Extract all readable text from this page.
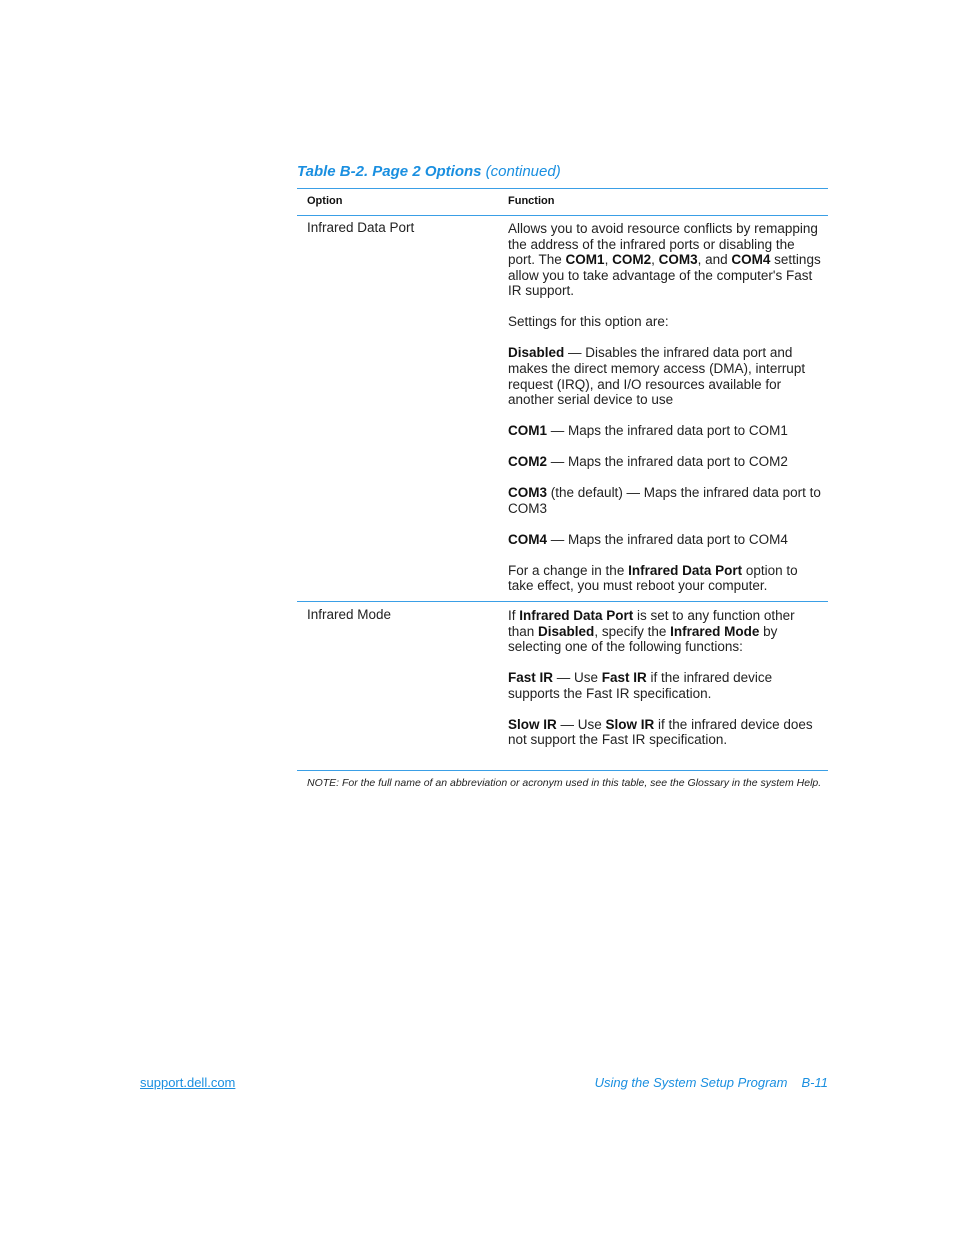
Table B-2. Page 2 Options (continued)
Option	Function
Infrared Data Port	Allows you to avoid resource conflicts by remapping the address of the infrared ports or disabling the port. The COM1, COM2, COM3, and COM4 settings allow you to take advantage of the computer's Fast IR support.

Settings for this option are:

Disabled — Disables the infrared data port and makes the direct memory access (DMA), interrupt request (IRQ), and I/O resources available for another serial device to use

COM1 — Maps the infrared data port to COM1

COM2 — Maps the infrared data port to COM2

COM3 (the default) — Maps the infrared data port to COM3

COM4 — Maps the infrared data port to COM4

For a change in the Infrared Data Port option to take effect, you must reboot your computer.

Infrared Mode	If Infrared Data Port is set to any function other than Disabled, specify the Infrared Mode by selecting one of the following functions:

Fast IR — Use Fast IR if the infrared device supports the Fast IR specification.

Slow IR — Use Slow IR if the infrared device does not support the Fast IR specification.

NOTE: For the full name of an abbreviation or acronym used in this table, see the Glossary in the system Help.
support.dell.com	Using the System Setup Program B-11
